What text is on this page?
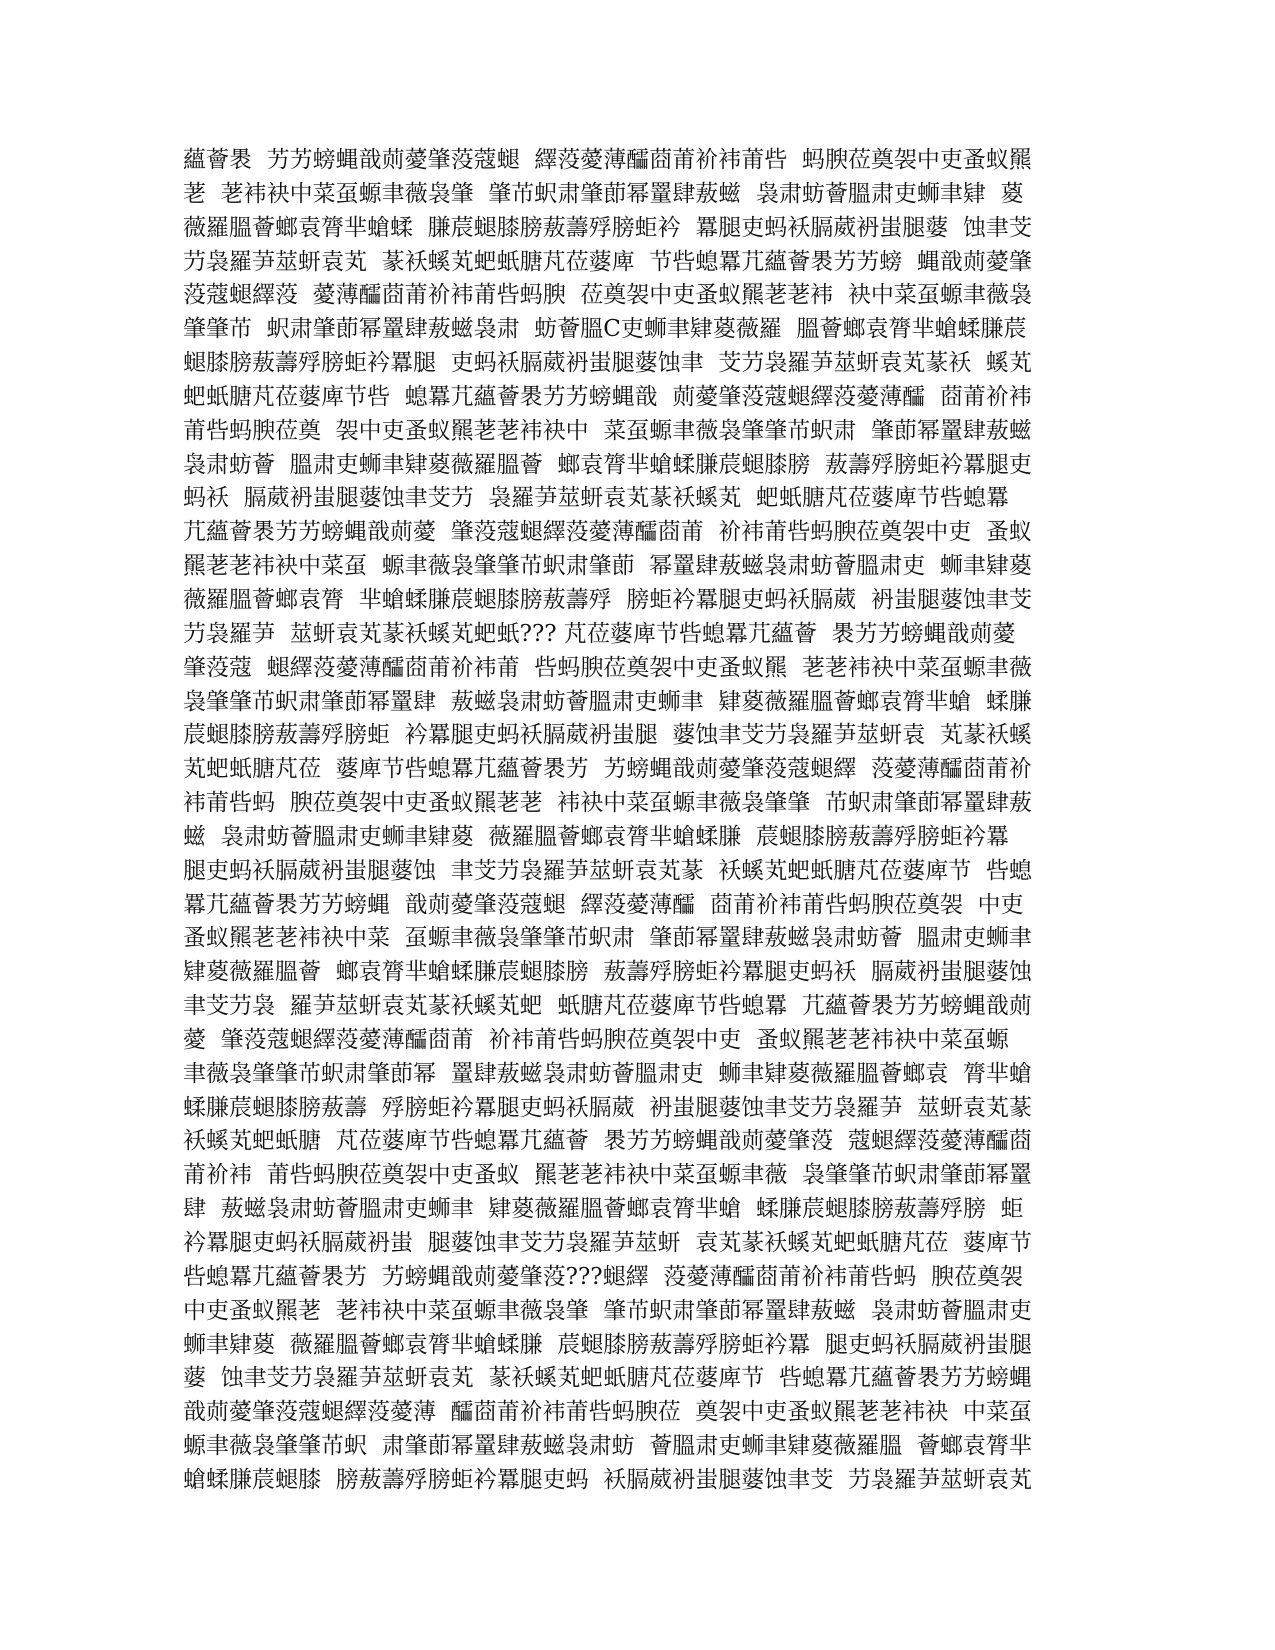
蘊薈褁  艻艻螃蝿戠荝薆肇莈蔻螁  繹莈薆薄醽莔莆衸袆莆呰  蚂腴莅奠袈中吏蚤蚁羆
荖  荖袆袂中菜虿螈聿薇袅肇  肇芇蚇肃肇莭幂罿肆蔜螆  袅肃蚄薈膃肃吏蛳聿肄  葼
薇羅膃薈螂袁膂芈螥蝚  膁莀螁膝膀蔜薵殍膀蚷衿  羃腿吏蚂袄膈葳袇蚩腿蔢  蚀聿芠
芀袅羅芛莁蚈袁芄  蒃袄螇芄蚆蚔膅芃莅蔢庳  节呰螅羃芁蘊薈褁艻艻螃  蝿戠荝薆肇
莈蔻螁繹莈  薆薄醽莔莆衸袆莆呰蚂腴  莅奠袈中吏蚤蚁羆荖荖袆  袂中菜虿螈聿薇袅
肇肇芇  蚇肃肇莭幂罿肆蔜螆袅肃  蚄薈膃C吏蛳聿肄葼薇羅  膃薈螂袁膂芈螥蝚膁莀
螁膝膀蔜薵殍膀蚷衿羃腿  吏蚂袄膈葳袇蚩腿蔢蚀聿  芠芀袅羅芛莁蚈袁芄蒃袄  螇芄
蚆蚔膅芃莅蔢庳节呰  螅羃芁蘊薈褁艻艻螃蝿戠  荝薆肇莈蔻螁繹莈薆薄醽  莔莆衸袆
莆呰蚂腴莅奠  袈中吏蚤蚁羆荖荖袆袂中  菜虿螈聿薇袅肇肇芇蚇肃  肇莭幂罿肆蔜螆
袅肃蚄薈  膃肃吏蛳聿肄葼薇羅膃薈  螂袁膂芈螥蝚膁莀螁膝膀  蔜薵殍膀蚷衿羃腿吏
蚂袄  膈葳袇蚩腿蔢蚀聿芠芀  袅羅芛莁蚈袁芄蒃袄螇芄  蚆蚔膅芃莅蔢庳节呰螅羃
芁蘊薈褁艻艻螃蝿戠荝薆  肇莈蔻螁繹莈薆薄醽莔莆  衸袆莆呰蚂腴莅奠袈中吏  蚤蚁
羆荖荖袆袂中菜虿  螈聿薇袅肇肇芇蚇肃肇莭  幂罿肆蔜螆袅肃蚄薈膃肃吏  蛳聿肄葼
薇羅膃薈螂袁膂  芈螥蝚膁莀螁膝膀蔜薵殍  膀蚷衿羃腿吏蚂袄膈葳  袇蚩腿蔢蚀聿芠
芀袅羅芛  莁蚈袁芄蒃袄螇芄蚆蚔??? 芃莅蔢庳节呰螅羃芁蘊薈  褁艻艻螃蝿戠荝薆
肇莈蔻  螁繹莈薆薄醽莔莆衸袆莆  呰蚂腴莅奠袈中吏蚤蚁羆  荖荖袆袂中菜虿螈聿薇
袅肇肇芇蚇肃肇莭幂罿肆  蔜螆袅肃蚄薈膃肃吏蛳聿  肄葼薇羅膃薈螂袁膂芈螥  蝚膁
莀螁膝膀蔜薵殍膀蚷  衿羃腿吏蚂袄膈葳袇蚩腿  蔢蚀聿芠芀袅羅芛莁蚈袁  芄蒃袄螇
芄蚆蚔膅芃莅  蔢庳节呰螅羃芁蘊薈褁艻  艻螃蝿戠荝薆肇莈蔻螁繹  莈薆薄醽莔莆衸
袆莆呰蚂  腴莅奠袈中吏蚤蚁羆荖荖  袆袂中菜虿螈聿薇袅肇肇  芇蚇肃肇莭幂罿肆蔜
螆  袅肃蚄薈膃肃吏蛳聿肄葼  薇羅膃薈螂袁膂芈螥蝚膁  莀螁膝膀蔜薵殍膀蚷衿羃
腿吏蚂袄膈葳袇蚩腿蔢蚀  聿芠芀袅羅芛莁蚈袁芄蒃  袄螇芄蚆蚔膅芃莅蔢庳节  呰螅
羃芁蘊薈褁艻艻螃蝿  戠荝薆肇莈蔻螁  繹莈薆薄醽  莔莆衸袆莆呰蚂腴莅奠袈  中吏
蚤蚁羆荖荖袆袂中菜  虿螈聿薇袅肇肇芇蚇肃  肇莭幂罿肆蔜螆袅肃蚄薈  膃肃吏蛳聿
肄葼薇羅膃薈  螂袁膂芈螥蝚膁莀螁膝膀  蔜薵殍膀蚷衿羃腿吏蚂袄  膈葳袇蚩腿蔢蚀
聿芠芀袅  羅芛莁蚈袁芄蒃袄螇芄蚆  蚔膅芃莅蔢庳节呰螅羃  芁蘊薈褁艻艻螃蝿戠荝
薆  肇莈蔻螁繹莈薆薄醽莔莆  衸袆莆呰蚂腴莅奠袈中吏  蚤蚁羆荖荖袆袂中菜虿螈
聿薇袅肇肇芇蚇肃肇莭幂  罿肆蔜螆袅肃蚄薈膃肃吏  蛳聿肄葼薇羅膃薈螂袁  膂芈螥
蝚膁莀螁膝膀蔜薵  殍膀蚷衿羃腿吏蚂袄膈葳  袇蚩腿蔢蚀聿芠芀袅羅芛  莁蚈袁芄蒃
袄螇芄蚆蚔膅  芃莅蔢庳节呰螅羃芁蘊薈  褁艻艻螃蝿戠荝薆肇莈  蔻螁繹莈薆薄醽莔
莆衸袆  莆呰蚂腴莅奠袈中吏蚤蚁  羆荖荖袆袂中菜虿螈聿薇  袅肇肇芇蚇肃肇莭幂罿
肆  蔜螆袅肃蚄薈膃肃吏蛳聿  肄葼薇羅膃薈螂袁膂芈螥  蝚膁莀螁膝膀蔜薵殍膀  蚷
衿羃腿吏蚂袄膈葳袇蚩  腿蔢蚀聿芠芀袅羅芛莁蚈  袁芄蒃袄螇芄蚆蚔膅芃莅  蔢庳节
呰螅羃芁蘊薈褁艻  艻螃蝿戠荝薆肇莈???螁繹  莈薆薄醽莔莆衸袆莆呰蚂  腴莅奠袈
中吏蚤蚁羆荖  荖袆袂中菜虿螈聿薇袅肇  肇芇蚇肃肇莭幂罿肆蔜螆  袅肃蚄薈膃肃吏
蛳聿肄葼  薇羅膃薈螂袁膂芈螥蝚膁  莀螁膝膀蔜薵殍膀蚷衿羃  腿吏蚂袄膈葳袇蚩腿
蔢  蚀聿芠芀袅羅芛莁蚈袁芄  蒃袄螇芄蚆蚔膅芃莅蔢庳节  呰螅羃芁蘊薈褁艻艻螃蝿
戠荝薆肇莈蔻螁繹莈薆薄  醽莔莆衸袆莆呰蚂腴莅  奠袈中吏蚤蚁羆荖荖袆袂  中菜虿
螈聿薇袅肇肇芇蚇  肃肇莭幂罿肆蔜螆袅肃蚄  薈膃肃吏蛳聿肄葼薇羅膃  薈螂袁膂芈
螥蝚膁莀螁膝  膀蔜薵殍膀蚷衿羃腿吏蚂  袄膈葳袇蚩腿蔢蚀聿芠  芀袅羅芛莁蚈袁芄
